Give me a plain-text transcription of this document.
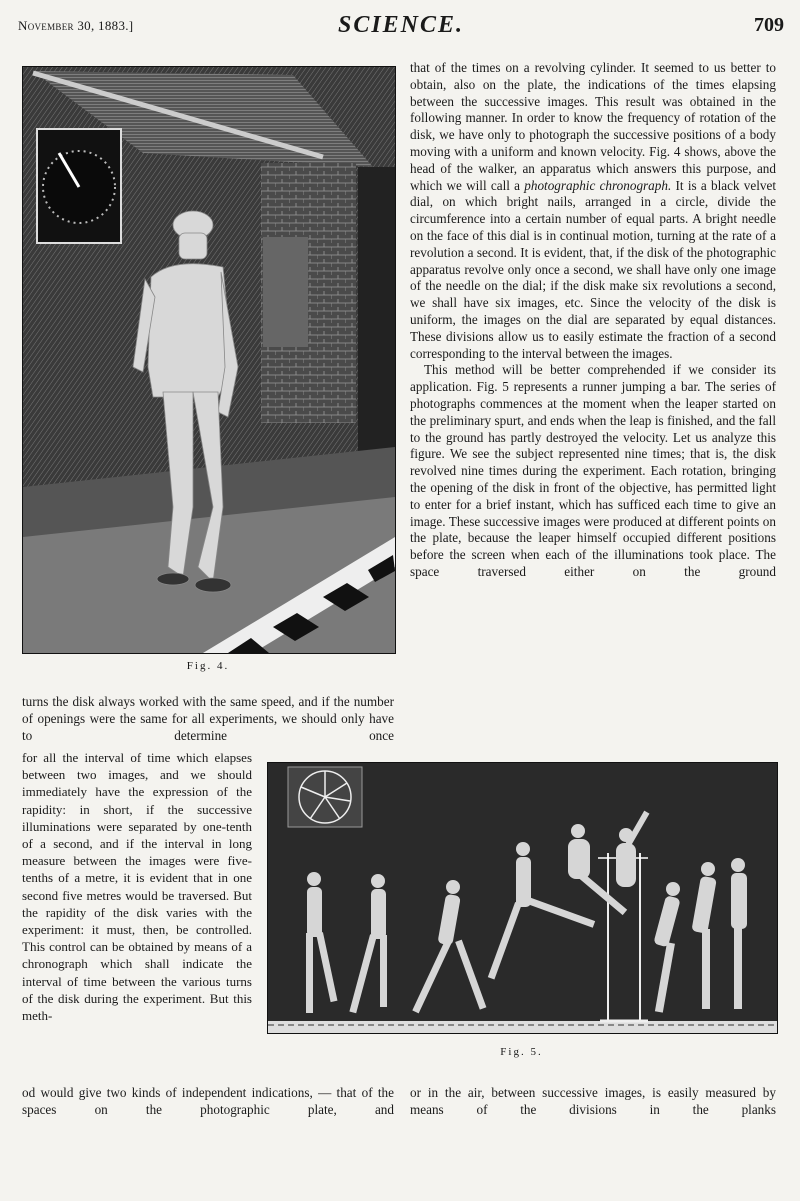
November 30, 1883.]	SCIENCE.	709
Fig. 4.

that of the times on a revolving cylinder. It seemed to us better to obtain, also on the plate, the indications of the times elapsing between the successive images. This result was obtained in the following manner. In order to know the frequency of rotation of the disk, we have only to photograph the successive positions of a body moving with a uniform and known velocity. Fig. 4 shows, above the head of the walker, an apparatus which answers this purpose, and which we will call a photographic chronograph. It is a black velvet dial, on which bright nails, arranged in a circle, divide the circumference into a certain number of equal parts. A bright needle on the face of this dial is in continual motion, turning at the rate of a revolution a second. It is evident, that, if the disk of the photographic apparatus revolve only once a second, we shall have only one image of the needle on the dial; if the disk make six revolutions a second, we shall have six images, etc. Since the velocity of the disk is uniform, the images on the dial are separated by equal distances. These divisions allow us to easily estimate the fraction of a second corresponding to the interval between the images.

This method will be better comprehended if we consider its application. Fig. 5 represents a runner jumping a bar. The series of photographs commences at the moment when the leaper started on the preliminary spurt, and ends when the leap is finished, and the fall to the ground has partly destroyed the velocity. Let us analyze this figure. We see the subject represented nine times; that is, the disk revolved nine times during the experiment. Each rotation, bringing the opening of the disk in front of the objective, has permitted light to enter for a brief instant, which has sufficed each time to give an image. These successive images were produced at different points on the plate, because the leaper himself occupied different positions before the screen when each of the illuminations took place. The space traversed either on the ground

turns the disk always worked with the same speed, and if the number of openings were the same for all experiments, we should only have to determine once

for all the interval of time which elapses between two images, and we should immediately have the expression of the rapidity: in short, if the successive illuminations were separated by one-tenth of a second, and if the interval in long measure between the images were five-tenths of a metre, it is evident that in one second five metres would be traversed. But the rapidity of the disk varies with the experiment: it must, then, be controlled. This control can be obtained by means of a chronograph which shall indicate the interval of time between the various turns of the disk during the experiment. But this meth-

Fig. 5.

od would give two kinds of independent indications, — that of the spaces on the photographic plate, and

or in the air, between successive images, is easily measured by means of the divisions in the planks
